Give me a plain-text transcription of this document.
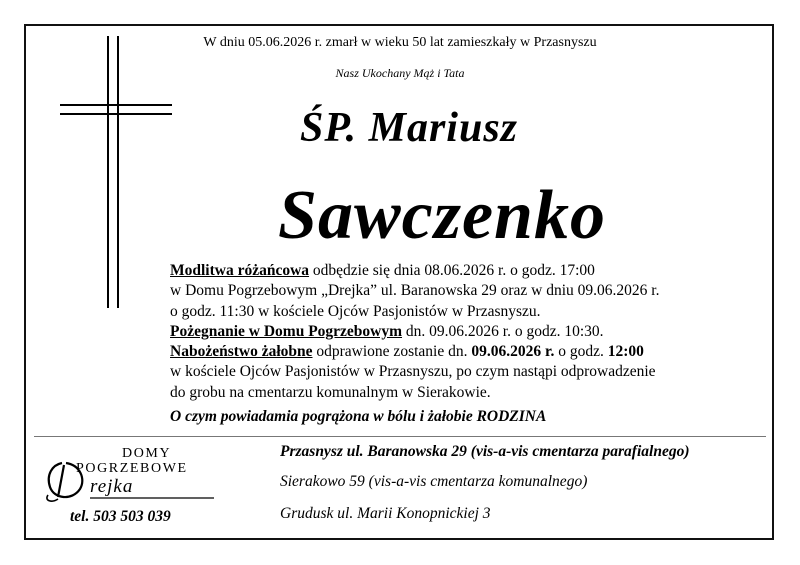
W dniu 05.06.2026 r. zmarł w wieku 50 lat zamieszkały w Przasnyszu
Nasz Ukochany Mąż i Tata
ŚP. Mariusz
Sawczenko
Modlitwa różańcowa odbędzie się dnia 08.06.2026 r. o godz. 17:00
w Domu Pogrzebowym „Drejka” ul. Baranowska 29 oraz w dniu 09.06.2026 r.
o godz. 11:30 w kościele Ojców Pasjonistów w Przasnyszu.
Pożegnanie w Domu Pogrzebowym dn. 09.06.2026 r. o godz. 10:30.
Nabożeństwo żałobne odprawione zostanie dn. 09.06.2026 r. o godz. 12:00
w kościele Ojców Pasjonistów w Przasnyszu, po czym nastąpi odprowadzenie
do grobu na cmentarzu komunalnym w Sierakowie.
O czym powiadamia pogrążona w bólu i żałobie RODZINA
DOMY
POGRZEBOWE
rejka
tel. 503 503 039
Przasnysz ul. Baranowska 29 (vis-a-vis cmentarza parafialnego)
Sierakowo 59 (vis-a-vis cmentarza komunalnego)
Grudusk ul. Marii Konopnickiej 3
